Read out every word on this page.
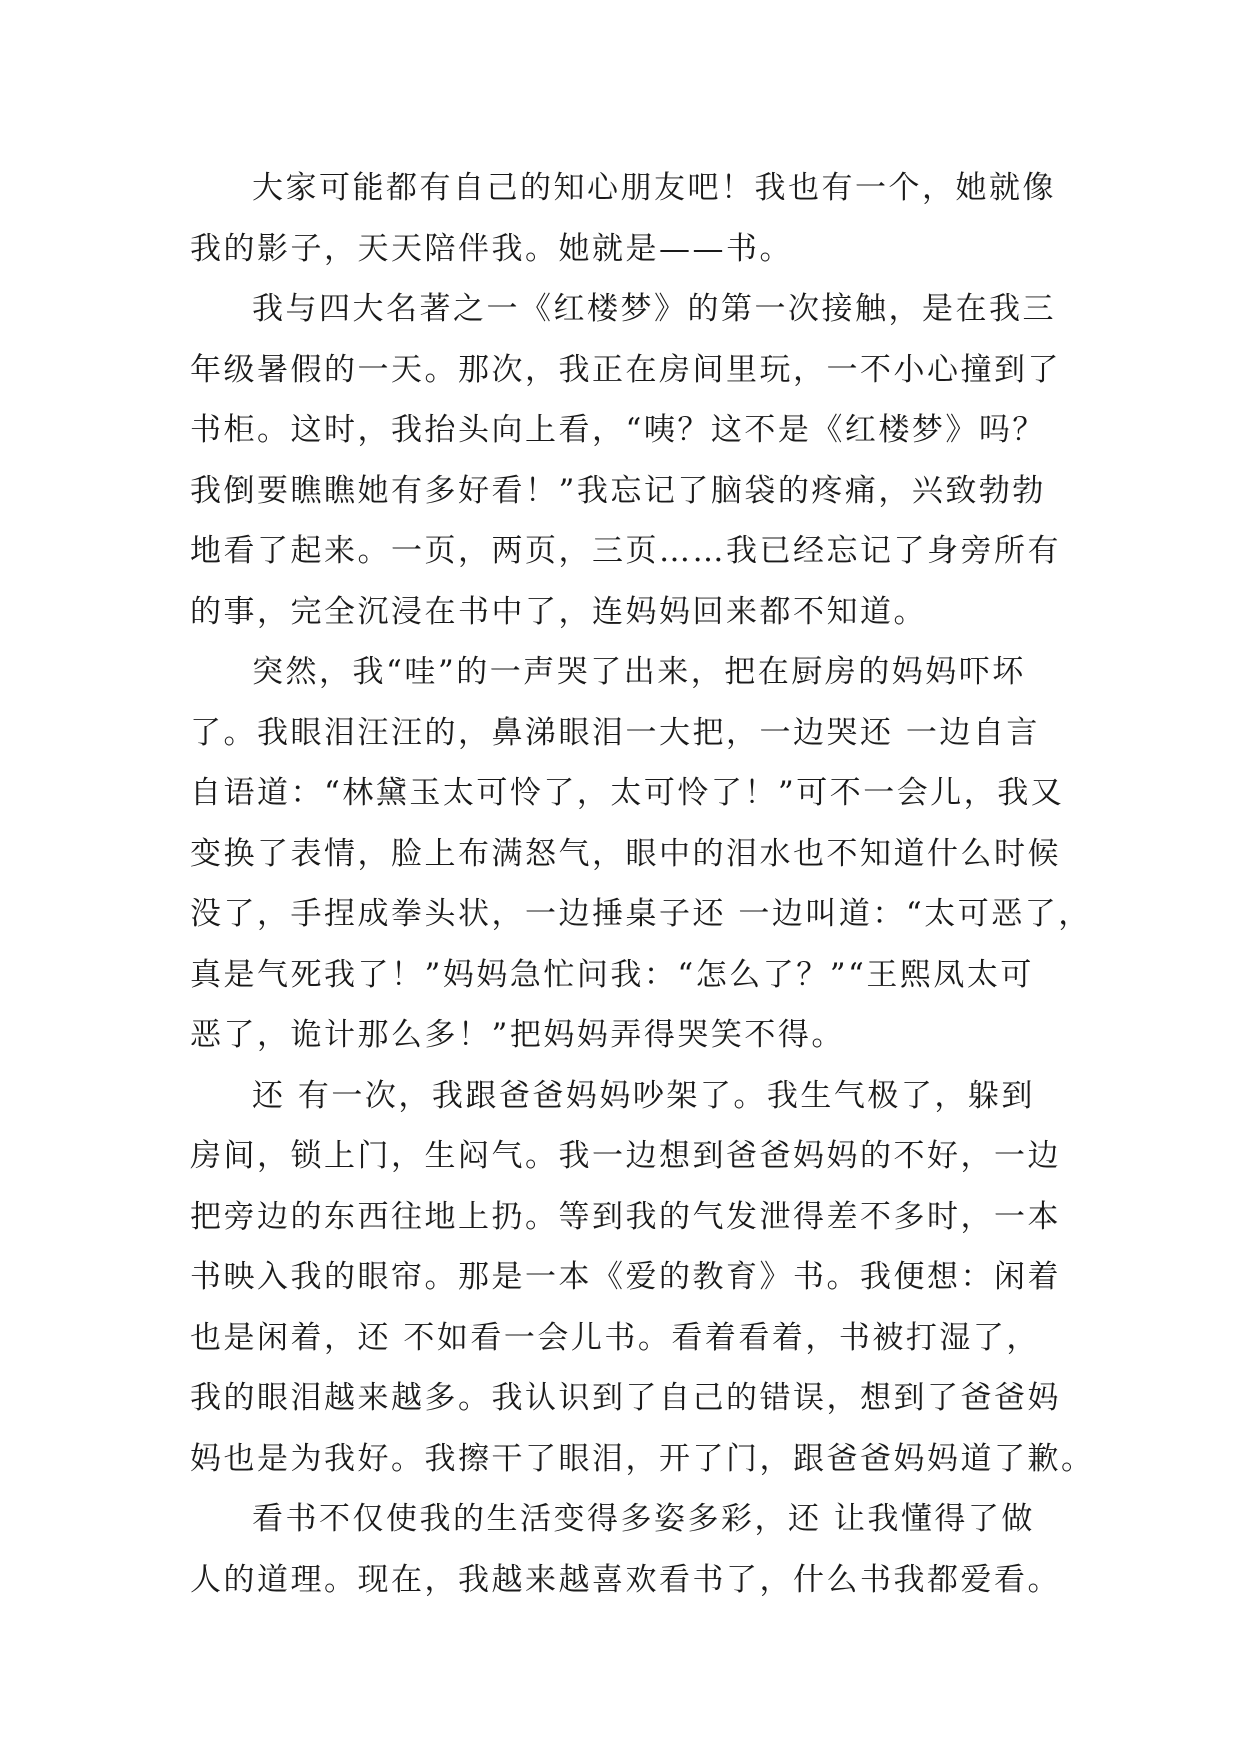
大家可能都有自己的知心朋友吧！我也有一个，她就像
我的影子，天天陪伴我。她就是——书。
我与四大名著之一《红楼梦》的第一次接触，是在我三
年级暑假的一天。那次，我正在房间里玩，一不小心撞到了
书柜。这时，我抬头向上看，“咦？这不是《红楼梦》吗？
我倒要瞧瞧她有多好看！”我忘记了脑袋的疼痛，兴致勃勃
地看了起来。一页，两页，三页……我已经忘记了身旁所有
的事，完全沉浸在书中了，连妈妈回来都不知道。
突然，我“哇”的一声哭了出来，把在厨房的妈妈吓坏
了。我眼泪汪汪的，鼻涕眼泪一大把，一边哭还 一边自言
自语道：“林黛玉太可怜了，太可怜了！”可不一会儿，我又
变换了表情，脸上布满怒气，眼中的泪水也不知道什么时候
没了，手捏成拳头状，一边捶桌子还 一边叫道：“太可恶了，
真是气死我了！”妈妈急忙问我：“怎么了？”“王熙凤太可
恶了，诡计那么多！”把妈妈弄得哭笑不得。
还 有一次，我跟爸爸妈妈吵架了。我生气极了，躲到
房间，锁上门，生闷气。我一边想到爸爸妈妈的不好，一边
把旁边的东西往地上扔。等到我的气发泄得差不多时，一本
书映入我的眼帘。那是一本《爱的教育》书。我便想：闲着
也是闲着，还 不如看一会儿书。看着看着，书被打湿了，
我的眼泪越来越多。我认识到了自己的错误，想到了爸爸妈
妈也是为我好。我擦干了眼泪，开了门，跟爸爸妈妈道了歉。
看书不仅使我的生活变得多姿多彩，还 让我懂得了做
人的道理。现在，我越来越喜欢看书了，什么书我都爱看。
